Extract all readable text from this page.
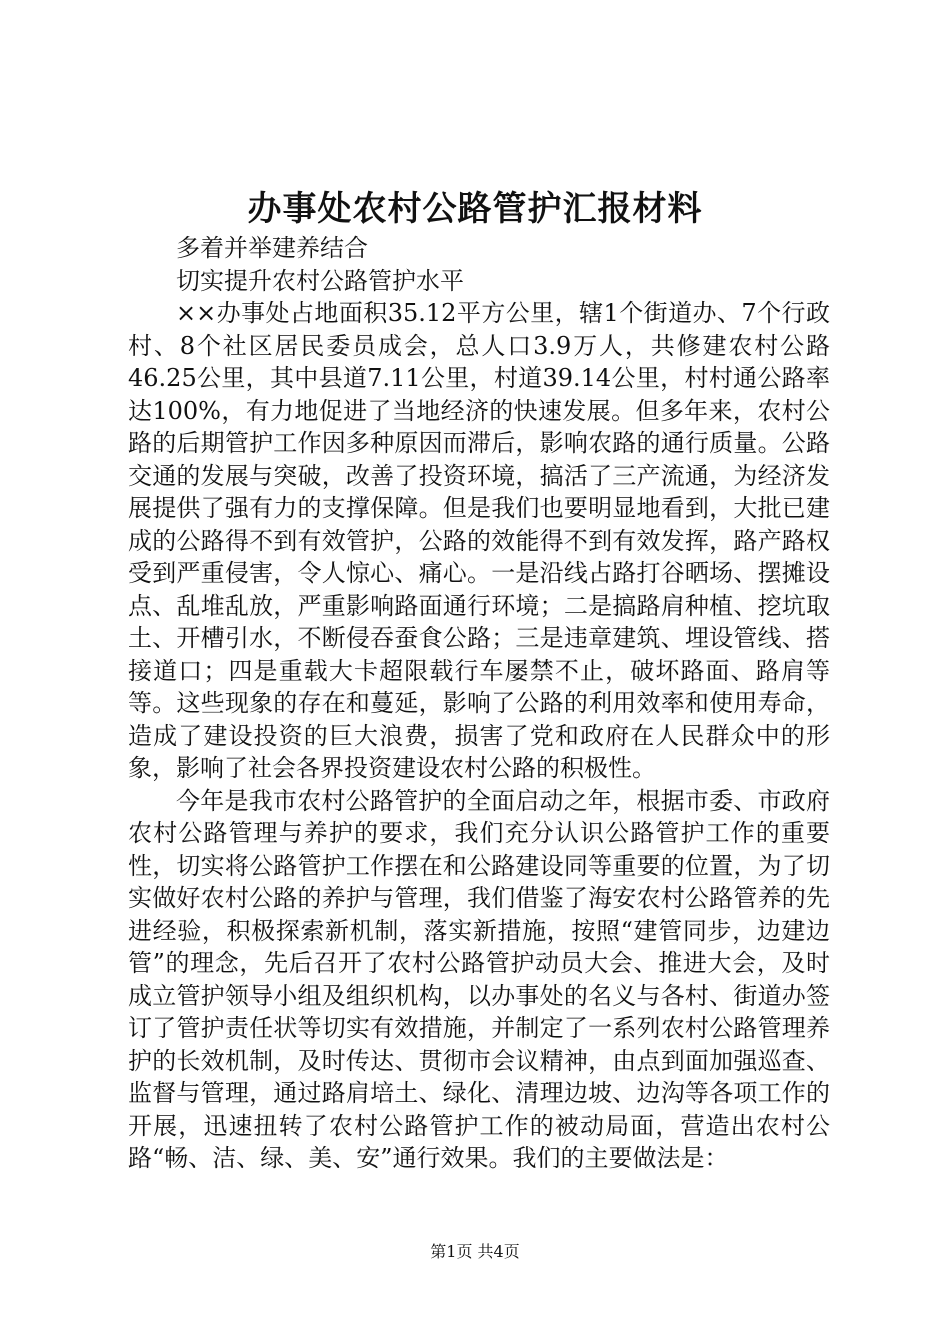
办事处农村公路管护汇报材料

多着并举建养结合

切实提升农村公路管护水平

××办事处占地面积35.12平方公里，辖1个街道办、7个行政村、8个社区居民委员成会，总人口3.9万人，共修建农村公路46.25公里，其中县道7.11公里，村道39.14公里，村村通公路率达100%，有力地促进了当地经济的快速发展。但多年来，农村公路的后期管护工作因多种原因而滞后，影响农路的通行质量。公路交通的发展与突破，改善了投资环境，搞活了三产流通，为经济发展提供了强有力的支撑保障。但是我们也要明显地看到，大批已建成的公路得不到有效管护，公路的效能得不到有效发挥，路产路权受到严重侵害，令人惊心、痛心。一是沿线占路打谷晒场、摆摊设点、乱堆乱放，严重影响路面通行环境；二是搞路肩种植、挖坑取土、开槽引水，不断侵吞蚕食公路；三是违章建筑、埋设管线、搭接道口；四是重载大卡超限载行车屡禁不止，破坏路面、路肩等等。这些现象的存在和蔓延，影响了公路的利用效率和使用寿命，造成了建设投资的巨大浪费，损害了党和政府在人民群众中的形象，影响了社会各界投资建设农村公路的积极性。

今年是我市农村公路管护的全面启动之年，根据市委、市政府农村公路管理与养护的要求，我们充分认识公路管护工作的重要性，切实将公路管护工作摆在和公路建设同等重要的位置，为了切实做好农村公路的养护与管理，我们借鉴了海安农村公路管养的先进经验，积极探索新机制，落实新措施，按照“建管同步，边建边管”的理念，先后召开了农村公路管护动员大会、推进大会，及时成立管护领导小组及组织机构，以办事处的名义与各村、街道办签订了管护责任状等切实有效措施，并制定了一系列农村公路管理养护的长效机制，及时传达、贯彻市会议精神，由点到面加强巡查、监督与管理，通过路肩培土、绿化、清理边坡、边沟等各项工作的开展，迅速扭转了农村公路管护工作的被动局面，营造出农村公路“畅、洁、绿、美、安”通行效果。我们的主要做法是：

第1页 共4页
